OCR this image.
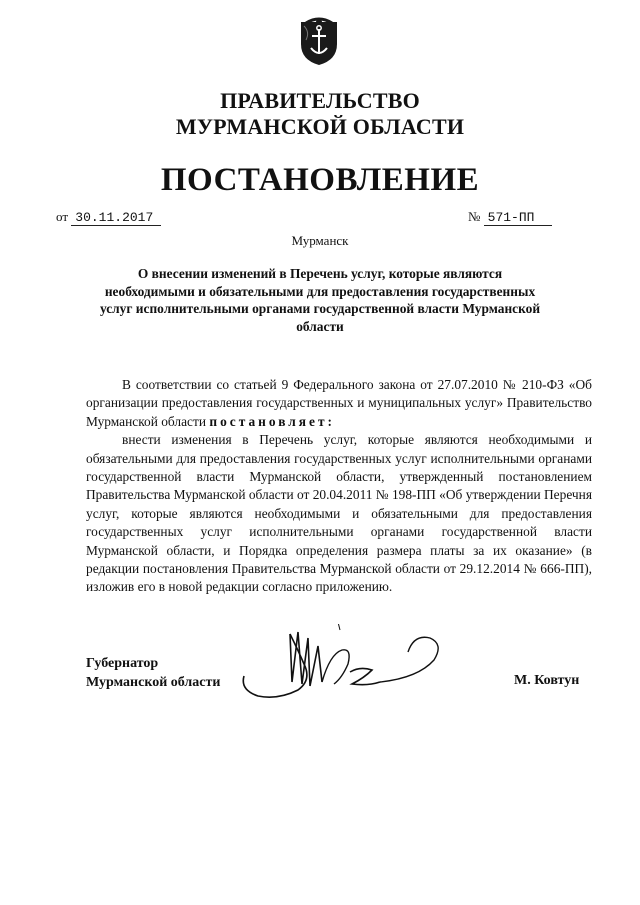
ПРАВИТЕЛЬСТВО
МУРМАНСКОЙ ОБЛАСТИ
ПОСТАНОВЛЕНИЕ
от 30.11.2017	№ 571-ПП
Мурманск
О внесении изменений в Перечень услуг, которые являются необходимыми и обязательными для предоставления государственных услуг исполнительными органами государственной власти Мурманской области

В соответствии со статьей 9 Федерального закона от 27.07.2010 № 210-ФЗ «Об организации предоставления государственных и муниципальных услуг» Правительство Мурманской области постановляет:

внести изменения в Перечень услуг, которые являются необходимыми и обязательными для предоставления государственных услуг исполнительными органами государственной власти Мурманской области, утвержденный постановлением Правительства Мурманской области от 20.04.2011 № 198-ПП «Об утверждении Перечня услуг, которые являются необходимыми и обязательными для предоставления государственных услуг исполнительными органами государственной власти Мурманской области, и Порядка определения размера платы за их оказание» (в редакции постановления Правительства Мурманской области от 29.12.2014 № 666-ПП), изложив его в новой редакции согласно приложению.

Губернатор
Мурманской области	М. Ковтун
